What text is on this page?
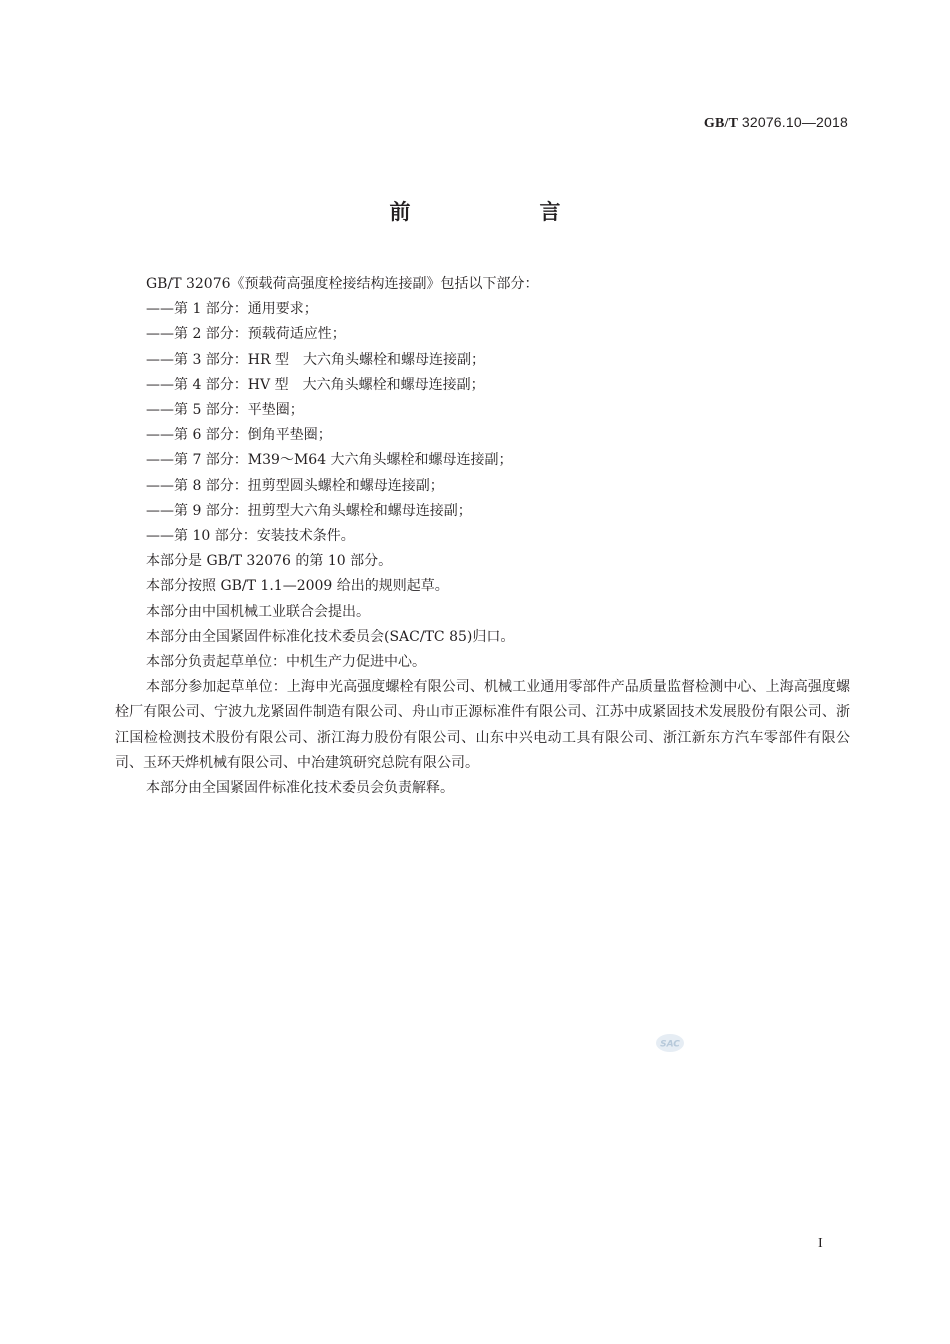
GB/T 32076.10—2018
前　言

GB/T 32076《预载荷高强度栓接结构连接副》包括以下部分：

——第 1 部分：通用要求；

——第 2 部分：预载荷适应性；

——第 3 部分：HR 型　大六角头螺栓和螺母连接副；

——第 4 部分：HV 型　大六角头螺栓和螺母连接副；

——第 5 部分：平垫圈；

——第 6 部分：倒角平垫圈；

——第 7 部分：M39～M64 大六角头螺栓和螺母连接副；

——第 8 部分：扭剪型圆头螺栓和螺母连接副；

——第 9 部分：扭剪型大六角头螺栓和螺母连接副；

——第 10 部分：安装技术条件。

本部分是 GB/T 32076 的第 10 部分。

本部分按照 GB/T 1.1—2009 给出的规则起草。

本部分由中国机械工业联合会提出。

本部分由全国紧固件标准化技术委员会(SAC/TC 85)归口。

本部分负责起草单位：中机生产力促进中心。

本部分参加起草单位：上海申光高强度螺栓有限公司、机械工业通用零部件产品质量监督检测中心、上海高强度螺栓厂有限公司、宁波九龙紧固件制造有限公司、舟山市正源标准件有限公司、江苏中成紧固技术发展股份有限公司、浙江国检检测技术股份有限公司、浙江海力股份有限公司、山东中兴电动工具有限公司、浙江新东方汽车零部件有限公司、玉环天烨机械有限公司、中冶建筑研究总院有限公司。

本部分由全国紧固件标准化技术委员会负责解释。

SAC
I
